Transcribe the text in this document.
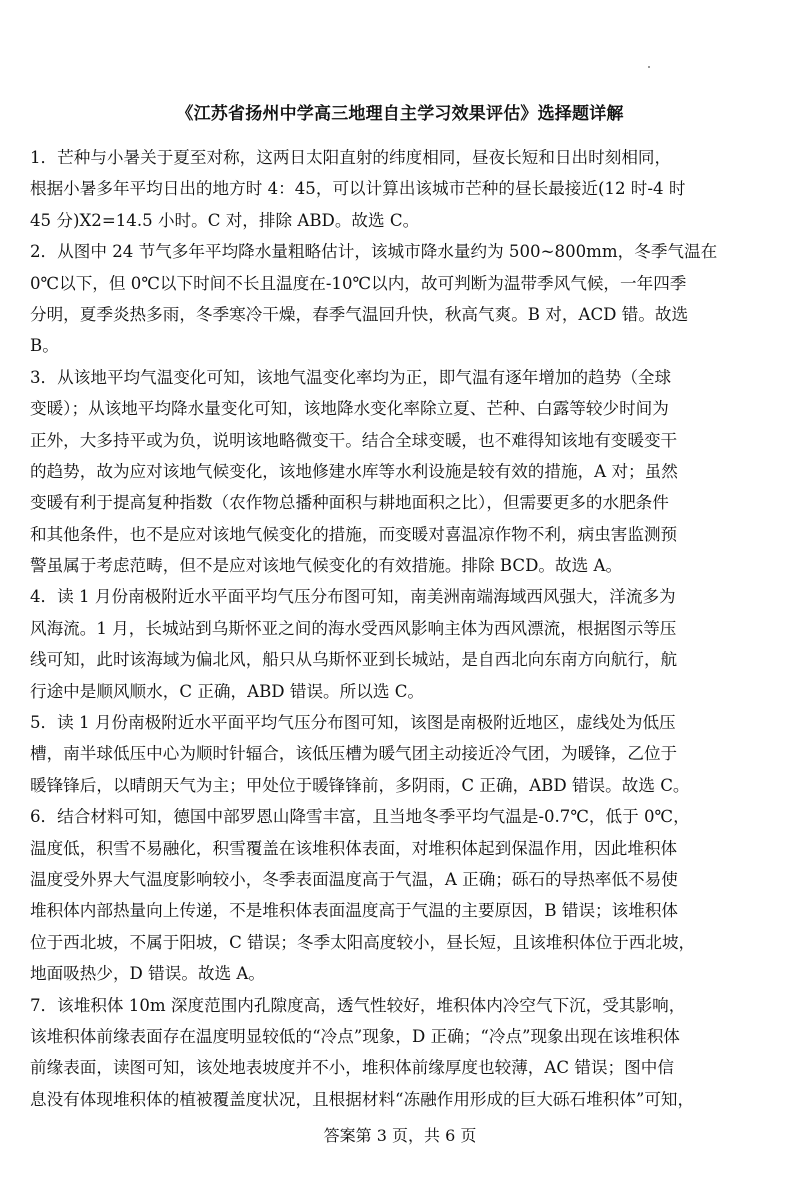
《江苏省扬州中学高三地理自主学习效果评估》选择题详解
1．芒种与小暑关于夏至对称，这两日太阳直射的纬度相同，昼夜长短和日出时刻相同，
根据小暑多年平均日出的地方时 4：45，可以计算出该城市芒种的昼长最接近(12 时-4 时
45 分)X2=14.5 小时。C 对，排除 ABD。故选 C。
2．从图中 24 节气多年平均降水量粗略估计，该城市降水量约为 500~800mm，冬季气温在
0℃以下，但 0℃以下时间不长且温度在-10℃以内，故可判断为温带季风气候，一年四季
分明，夏季炎热多雨，冬季寒冷干燥，春季气温回升快，秋高气爽。B 对，ACD 错。故选
B。
3．从该地平均气温变化可知，该地气温变化率均为正，即气温有逐年增加的趋势（全球
变暖）；从该地平均降水量变化可知，该地降水变化率除立夏、芒种、白露等较少时间为
正外，大多持平或为负，说明该地略微变干。结合全球变暖，也不难得知该地有变暖变干
的趋势，故为应对该地气候变化，该地修建水库等水利设施是较有效的措施，A 对；虽然
变暖有利于提高复种指数（农作物总播种面积与耕地面积之比），但需要更多的水肥条件
和其他条件，也不是应对该地气候变化的措施，而变暖对喜温凉作物不利，病虫害监测预
警虽属于考虑范畴，但不是应对该地气候变化的有效措施。排除 BCD。故选 A。
4．读 1 月份南极附近水平面平均气压分布图可知，南美洲南端海域西风强大，洋流多为
风海流。1 月，长城站到乌斯怀亚之间的海水受西风影响主体为西风漂流，根据图示等压
线可知，此时该海域为偏北风，船只从乌斯怀亚到长城站，是自西北向东南方向航行，航
行途中是顺风顺水，C 正确，ABD 错误。所以选 C。
5．读 1 月份南极附近水平面平均气压分布图可知，该图是南极附近地区，虚线处为低压
槽，南半球低压中心为顺时针辐合，该低压槽为暖气团主动接近冷气团，为暖锋，乙位于
暖锋锋后，以晴朗天气为主；甲处位于暖锋锋前，多阴雨，C 正确，ABD 错误。故选 C。
6．结合材料可知，德国中部罗恩山降雪丰富，且当地冬季平均气温是-0.7℃，低于 0℃，
温度低，积雪不易融化，积雪覆盖在该堆积体表面，对堆积体起到保温作用，因此堆积体
温度受外界大气温度影响较小，冬季表面温度高于气温，A 正确；砾石的导热率低不易使
堆积体内部热量向上传递，不是堆积体表面温度高于气温的主要原因，B 错误；该堆积体
位于西北坡，不属于阳坡，C 错误；冬季太阳高度较小，昼长短，且该堆积体位于西北坡，
地面吸热少，D 错误。故选 A。
7．该堆积体 10m 深度范围内孔隙度高，透气性较好，堆积体内冷空气下沉，受其影响，
该堆积体前缘表面存在温度明显较低的“冷点”现象，D 正确；“冷点”现象出现在该堆积体
前缘表面，读图可知，该处地表坡度并不小，堆积体前缘厚度也较薄，AC 错误；图中信
息没有体现堆积体的植被覆盖度状况，且根据材料“冻融作用形成的巨大砾石堆积体”可知，
答案第 3 页，共 6 页
